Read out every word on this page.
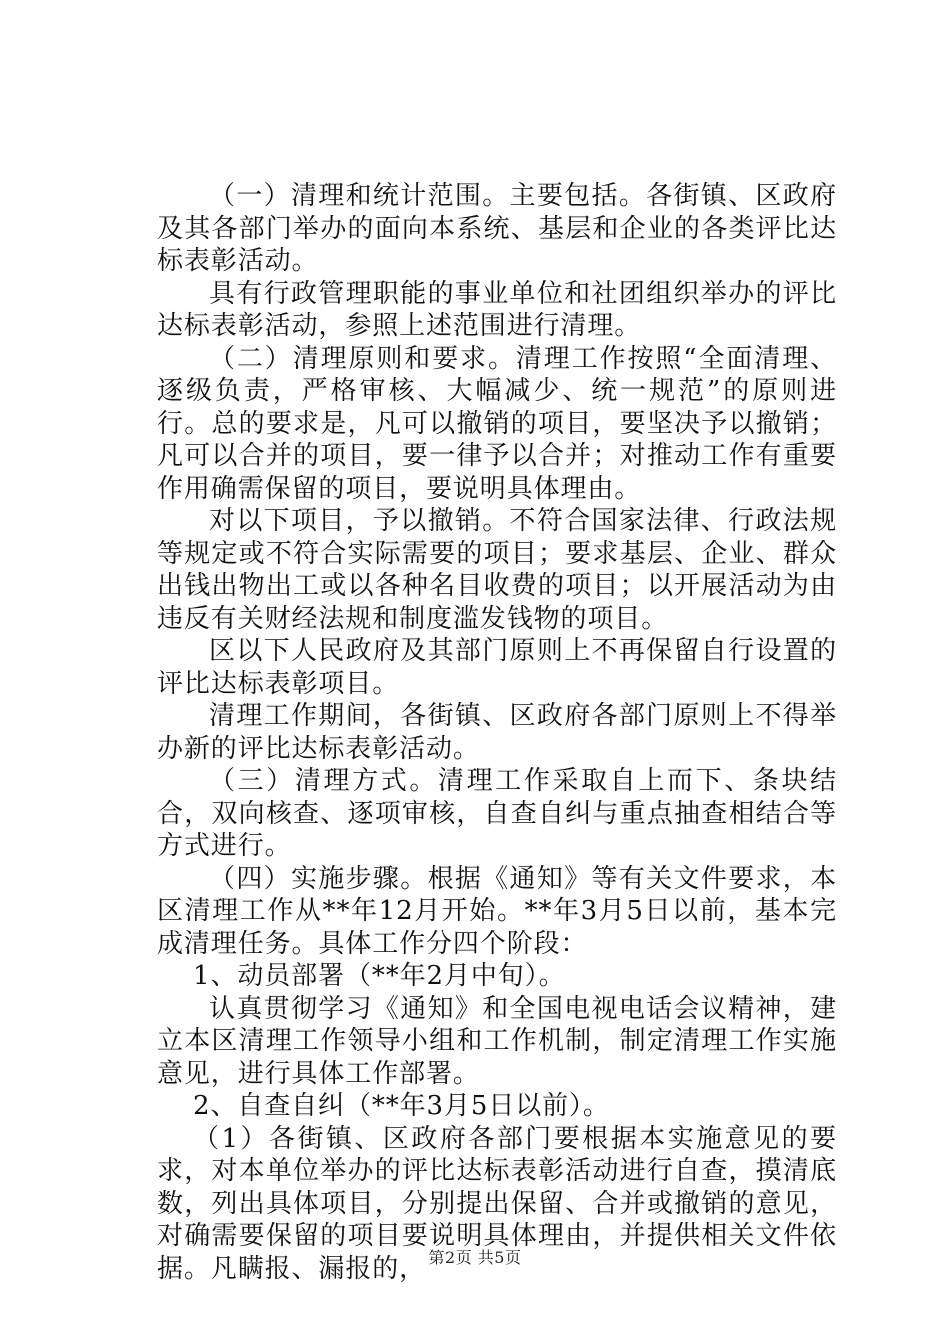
（一）清理和统计范围。主要包括。各街镇、区政府及其各部门举办的面向本系统、基层和企业的各类评比达标表彰活动。

具有行政管理职能的事业单位和社团组织举办的评比达标表彰活动，参照上述范围进行清理。

（二）清理原则和要求。清理工作按照“全面清理、逐级负责，严格审核、大幅减少、统一规范”的原则进行。总的要求是，凡可以撤销的项目，要坚决予以撤销；凡可以合并的项目，要一律予以合并；对推动工作有重要作用确需保留的项目，要说明具体理由。

对以下项目，予以撤销。不符合国家法律、行政法规等规定或不符合实际需要的项目；要求基层、企业、群众出钱出物出工或以各种名目收费的项目；以开展活动为由违反有关财经法规和制度滥发钱物的项目。

区以下人民政府及其部门原则上不再保留自行设置的评比达标表彰项目。

清理工作期间，各街镇、区政府各部门原则上不得举办新的评比达标表彰活动。

（三）清理方式。清理工作采取自上而下、条块结合，双向核查、逐项审核，自查自纠与重点抽查相结合等方式进行。

（四）实施步骤。根据《通知》等有关文件要求，本区清理工作从**年12月开始。**年3月5日以前，基本完成清理任务。具体工作分四个阶段：

1、动员部署（**年2月中旬）。

认真贯彻学习《通知》和全国电视电话会议精神，建立本区清理工作领导小组和工作机制，制定清理工作实施意见，进行具体工作部署。

2、自查自纠（**年3月5日以前）。

（1）各街镇、区政府各部门要根据本实施意见的要求，对本单位举办的评比达标表彰活动进行自查，摸清底数，列出具体项目，分别提出保留、合并或撤销的意见，对确需要保留的项目要说明具体理由，并提供相关文件依据。凡瞒报、漏报的， 第2页 共5页
